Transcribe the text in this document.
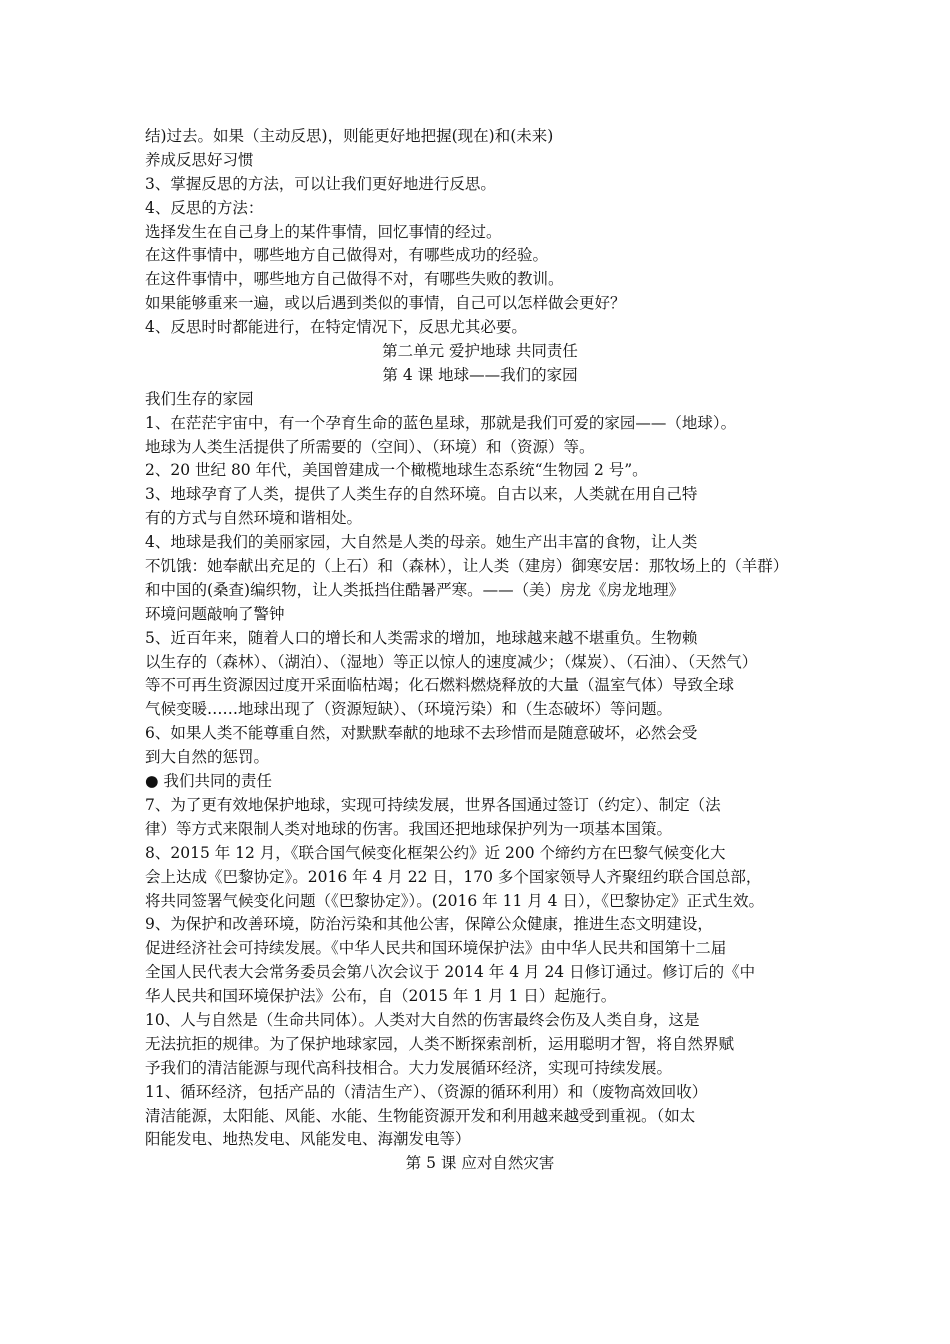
结)过去。如果（主动反思)，则能更好地把握(现在)和(未来)
养成反思好习惯
3、掌握反思的方法，可以让我们更好地进行反思。
4、反思的方法：
选择发生在自己身上的某件事情，回忆事情的经过。
在这件事情中，哪些地方自己做得对，有哪些成功的经验。
在这件事情中，哪些地方自己做得不对，有哪些失败的教训。
如果能够重来一遍，或以后遇到类似的事情，自己可以怎样做会更好？
4、反思时时都能进行，在特定情况下，反思尤其必要。
第二单元 爱护地球 共同责任
第 4 课 地球——我们的家园
我们生存的家园
1、在茫茫宇宙中，有一个孕育生命的蓝色星球，那就是我们可爱的家园——（地球）。
地球为人类生活提供了所需要的（空间）、（环境）和（资源）等。
2、20 世纪 80 年代，美国曾建成一个橄榄地球生态系统“生物园 2 号”。
3、地球孕育了人类，提供了人类生存的自然环境。自古以来，人类就在用自己特
有的方式与自然环境和谐相处。
4、地球是我们的美丽家园，大自然是人类的母亲。她生产出丰富的食物，让人类
不饥饿：她奉献出充足的（上石）和（森林），让人类（建房）御寒安居：那牧场上的（羊群）
和中国的(桑查)编织物，让人类抵挡住酷暑严寒。——（美）房龙《房龙地理》
环境问题敲响了警钟
5、近百年来，随着人口的增长和人类需求的增加，地球越来越不堪重负。生物赖
以生存的（森林）、（湖泊）、（湿地）等正以惊人的速度减少；（煤炭）、（石油）、（天然气）
等不可再生资源因过度开采面临枯竭；化石燃料燃烧释放的大量（温室气体）导致全球
气候变暖……地球出现了（资源短缺）、（环境污染）和（生态破坏）等问题。
6、如果人类不能尊重自然，对默默奉献的地球不去珍惜而是随意破坏，必然会受
到大自然的惩罚。
● 我们共同的责任
7、为了更有效地保护地球，实现可持续发展，世界各国通过签订（约定）、制定（法
律）等方式来限制人类对地球的伤害。我国还把地球保护列为一项基本国策。
8、2015 年 12 月，《联合国气候变化框架公约》近 200 个缔约方在巴黎气候变化大
会上达成《巴黎协定》。2016 年 4 月 22 日，170 多个国家领导人齐聚纽约联合国总部，
将共同签署气候变化问题（《巴黎协定》）。(2016 年 11 月 4 日），《巴黎协定》正式生效。
9、为保护和改善环境，防治污染和其他公害，保障公众健康，推进生态文明建设，
促进经济社会可持续发展。《中华人民共和国环境保护法》由中华人民共和国第十二届
全国人民代表大会常务委员会第八次会议于 2014 年 4 月 24 日修订通过。修订后的《中
华人民共和国环境保护法》公布，自（2015 年 1 月 1 日）起施行。
10、人与自然是（生命共同体）。人类对大自然的伤害最终会伤及人类自身，这是
无法抗拒的规律。为了保护地球家园，人类不断探索剖析，运用聪明才智，将自然界赋
予我们的清洁能源与现代高科技相合。大力发展循环经济，实现可持续发展。
11、循环经济，包括产品的（清洁生产）、（资源的循环利用）和（废物高效回收）
清洁能源，太阳能、风能、水能、生物能资源开发和利用越来越受到重视。（如太
阳能发电、地热发电、风能发电、海潮发电等）
第 5 课 应对自然灾害
